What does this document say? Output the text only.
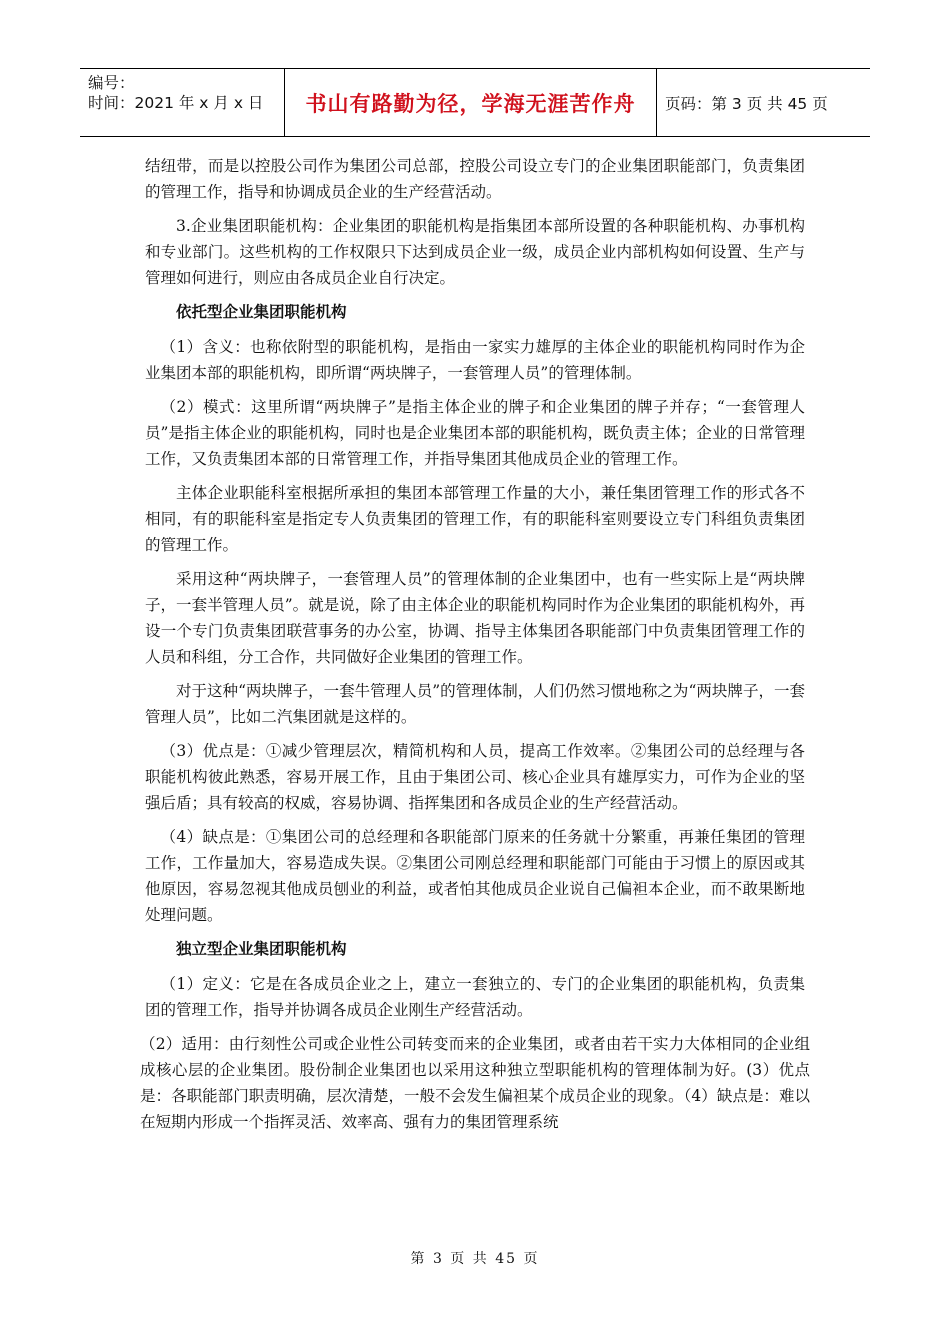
编号：
时间：2021 年 x 月 x 日	书山有路勤为径，学海无涯苦作舟	页码：第 3 页 共 45 页

结纽带，而是以控股公司作为集团公司总部，控股公司设立专门的企业集团职能部门，负责集团的管理工作，指导和协调成员企业的生产经营活动。

3.企业集团职能机构：企业集团的职能机构是指集团本部所设置的各种职能机构、办事机构和专业部门。这些机构的工作权限只下达到成员企业一级，成员企业内部机构如何设置、生产与管理如何进行，则应由各成员企业自行决定。

依托型企业集团职能机构

（1）含义：也称依附型的职能机构，是指由一家实力雄厚的主体企业的职能机构同时作为企业集团本部的职能机构，即所谓“两块牌子，一套管理人员”的管理体制。

（2）模式：这里所谓“两块牌子”是指主体企业的牌子和企业集团的牌子并存；“一套管理人员”是指主体企业的职能机构，同时也是企业集团本部的职能机构，既负责主体；企业的日常管理工作，又负责集团本部的日常管理工作，并指导集团其他成员企业的管理工作。

主体企业职能科室根据所承担的集团本部管理工作量的大小，兼任集团管理工作的形式各不相同，有的职能科室是指定专人负责集团的管理工作，有的职能科室则要设立专门科组负责集团的管理工作。

采用这种“两块牌子，一套管理人员”的管理体制的企业集团中，也有一些实际上是“两块牌子，一套半管理人员”。就是说，除了由主体企业的职能机构同时作为企业集团的职能机构外，再设一个专门负责集团联营事务的办公室，协调、指导主体集团各职能部门中负责集团管理工作的人员和科组，分工合作，共同做好企业集团的管理工作。

对于这种“两块牌子，一套牛管理人员”的管理体制，人们仍然习惯地称之为“两块牌子，一套管理人员”，比如二汽集团就是这样的。

（3）优点是：①减少管理层次，精简机构和人员，提高工作效率。②集团公司的总经理与各职能机构彼此熟悉，容易开展工作，且由于集团公司、核心企业具有雄厚实力，可作为企业的坚强后盾；具有较高的权威，容易协调、指挥集团和各成员企业的生产经营活动。

（4）缺点是：①集团公司的总经理和各职能部门原来的任务就十分繁重，再兼任集团的管理工作，工作量加大，容易造成失误。②集团公司刚总经理和职能部门可能由于习惯上的原因或其他原因，容易忽视其他成员刨业的利益，或者怕其他成员企业说自己偏袒本企业，而不敢果断地处理问题。

独立型企业集团职能机构

（1）定义：它是在各成员企业之上，建立一套独立的、专门的企业集团的职能机构，负责集团的管理工作，指导并协调各成员企业刚生产经营活动。

（2）适用：由行刻性公司或企业性公司转变而来的企业集团，或者由若干实力大体相同的企业组成核心层的企业集团。股份制企业集团也以采用这种独立型职能机构的管理体制为好。(3）优点是：各职能部门职责明确，层次清楚，一般不会发生偏袒某个成员企业的现象。（4）缺点是：难以在短期内形成一个指挥灵活、效率高、强有力的集团管理系统

第 3 页 共 45 页
